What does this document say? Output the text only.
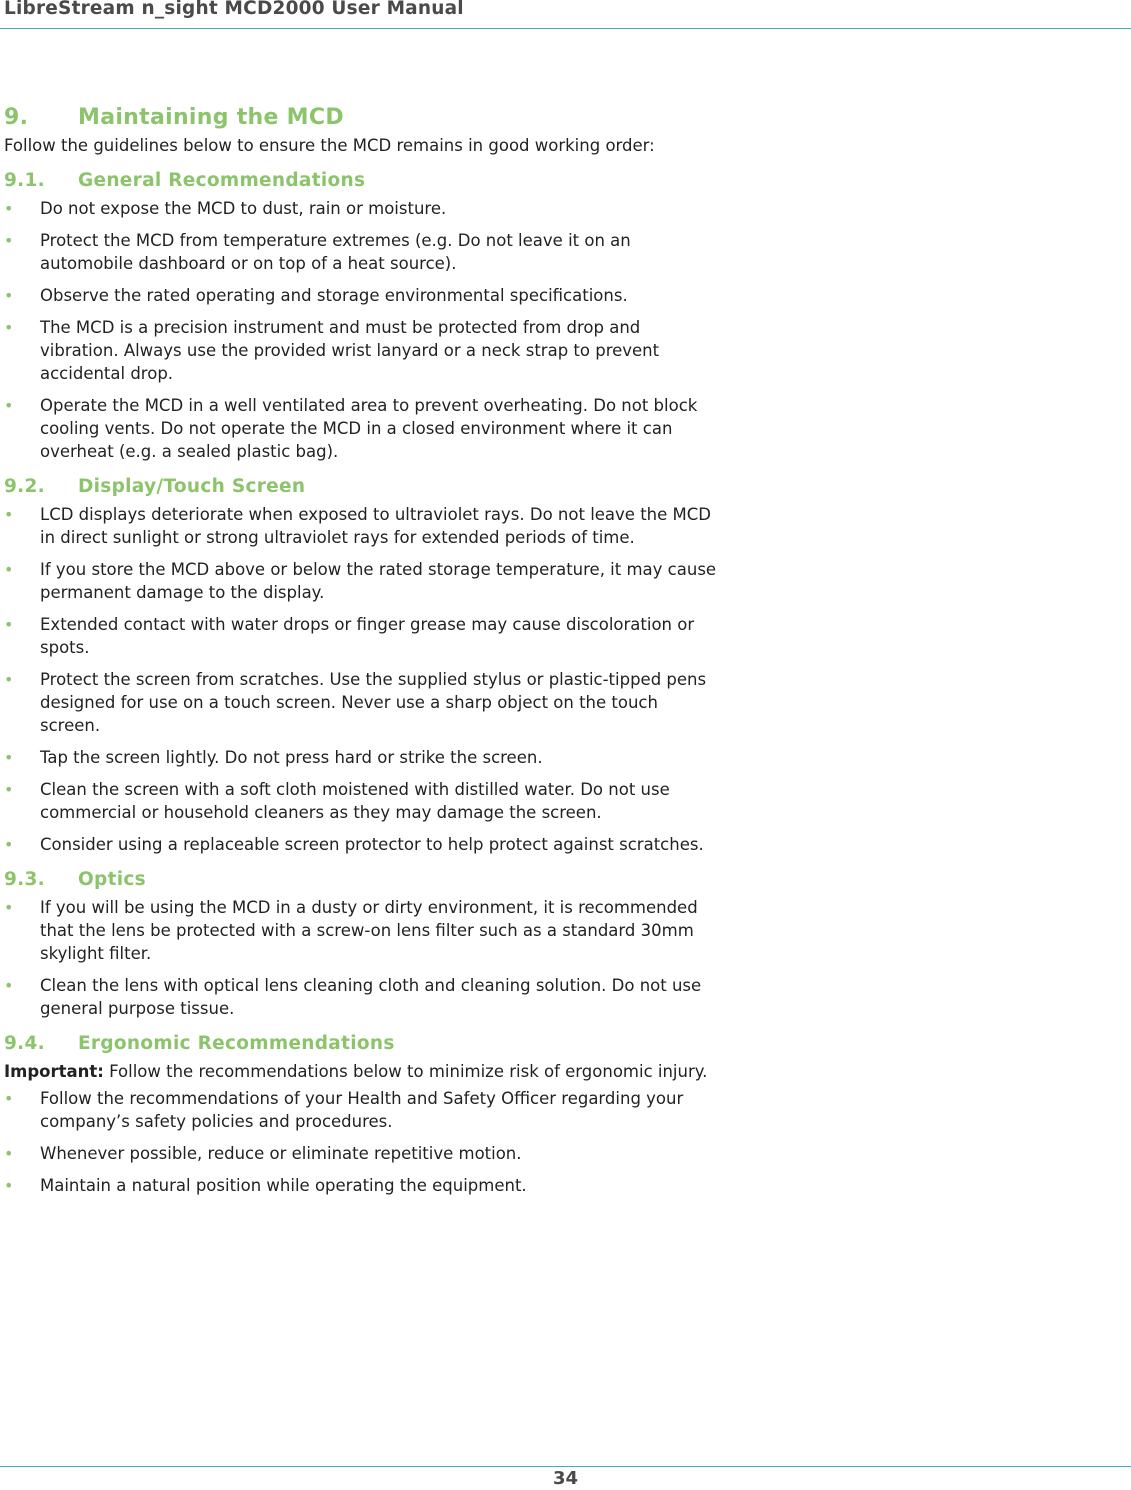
LibreStream n_sight MCD2000 User Manual
9. Maintaining the MCD

Follow the guidelines below to ensure the MCD remains in good working order:

9.1. General Recommendations
• Do not expose the MCD to dust, rain or moisture.
• Protect the MCD from temperature extremes (e.g. Do not leave it on an automobile dashboard or on top of a heat source).
• Observe the rated operating and storage environmental specifications.
• The MCD is a precision instrument and must be protected from drop and vibration. Always use the provided wrist lanyard or a neck strap to prevent accidental drop.
• Operate the MCD in a well ventilated area to prevent overheating. Do not block cooling vents. Do not operate the MCD in a closed environment where it can overheat (e.g. a sealed plastic bag).
9.2. Display/Touch Screen
• LCD displays deteriorate when exposed to ultraviolet rays. Do not leave the MCD in direct sunlight or strong ultraviolet rays for extended periods of time.
• If you store the MCD above or below the rated storage temperature, it may cause permanent damage to the display.
• Extended contact with water drops or finger grease may cause discoloration or spots.
• Protect the screen from scratches. Use the supplied stylus or plastic-tipped pens designed for use on a touch screen. Never use a sharp object on the touch screen.
• Tap the screen lightly. Do not press hard or strike the screen.
• Clean the screen with a soft cloth moistened with distilled water. Do not use commercial or household cleaners as they may damage the screen.
• Consider using a replaceable screen protector to help protect against scratches.
9.3. Optics
• If you will be using the MCD in a dusty or dirty environment, it is recommended that the lens be protected with a screw-on lens filter such as a standard 30mm skylight filter.
• Clean the lens with optical lens cleaning cloth and cleaning solution. Do not use general purpose tissue.
9.4. Ergonomic Recommendations

Important: Follow the recommendations below to minimize risk of ergonomic injury.

• Follow the recommendations of your Health and Safety Officer regarding your company’s safety policies and procedures.
• Whenever possible, reduce or eliminate repetitive motion.
• Maintain a natural position while operating the equipment.
34
